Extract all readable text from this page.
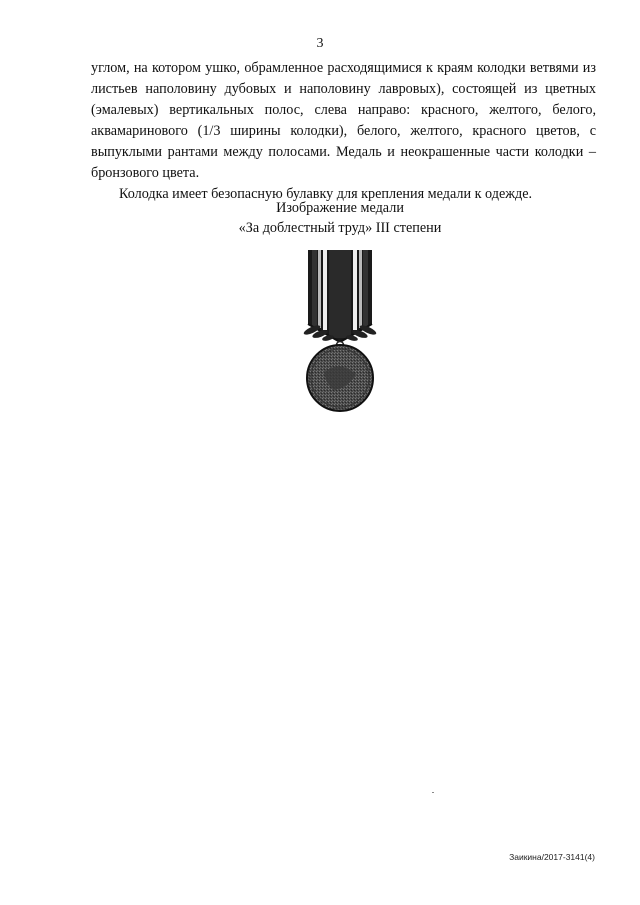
3

углом, на котором ушко, обрамленное расходящимися к краям колодки ветвями из листьев наполовину дубовых и наполовину лавровых), состоящей из цветных (эмалевых) вертикальных полос, слева направо: красного, желтого, белого, аквамаринового (1/3 ширины колодки), белого, желтого, красного цветов, с выпуклыми рантами между полосами. Медаль и неокрашенные части колодки – бронзового цвета.

Колодка имеет безопасную булавку для крепления медали к одежде.

Изображение медали
«За доблестный труд» III степени
Заикина/2017-3141(4)
